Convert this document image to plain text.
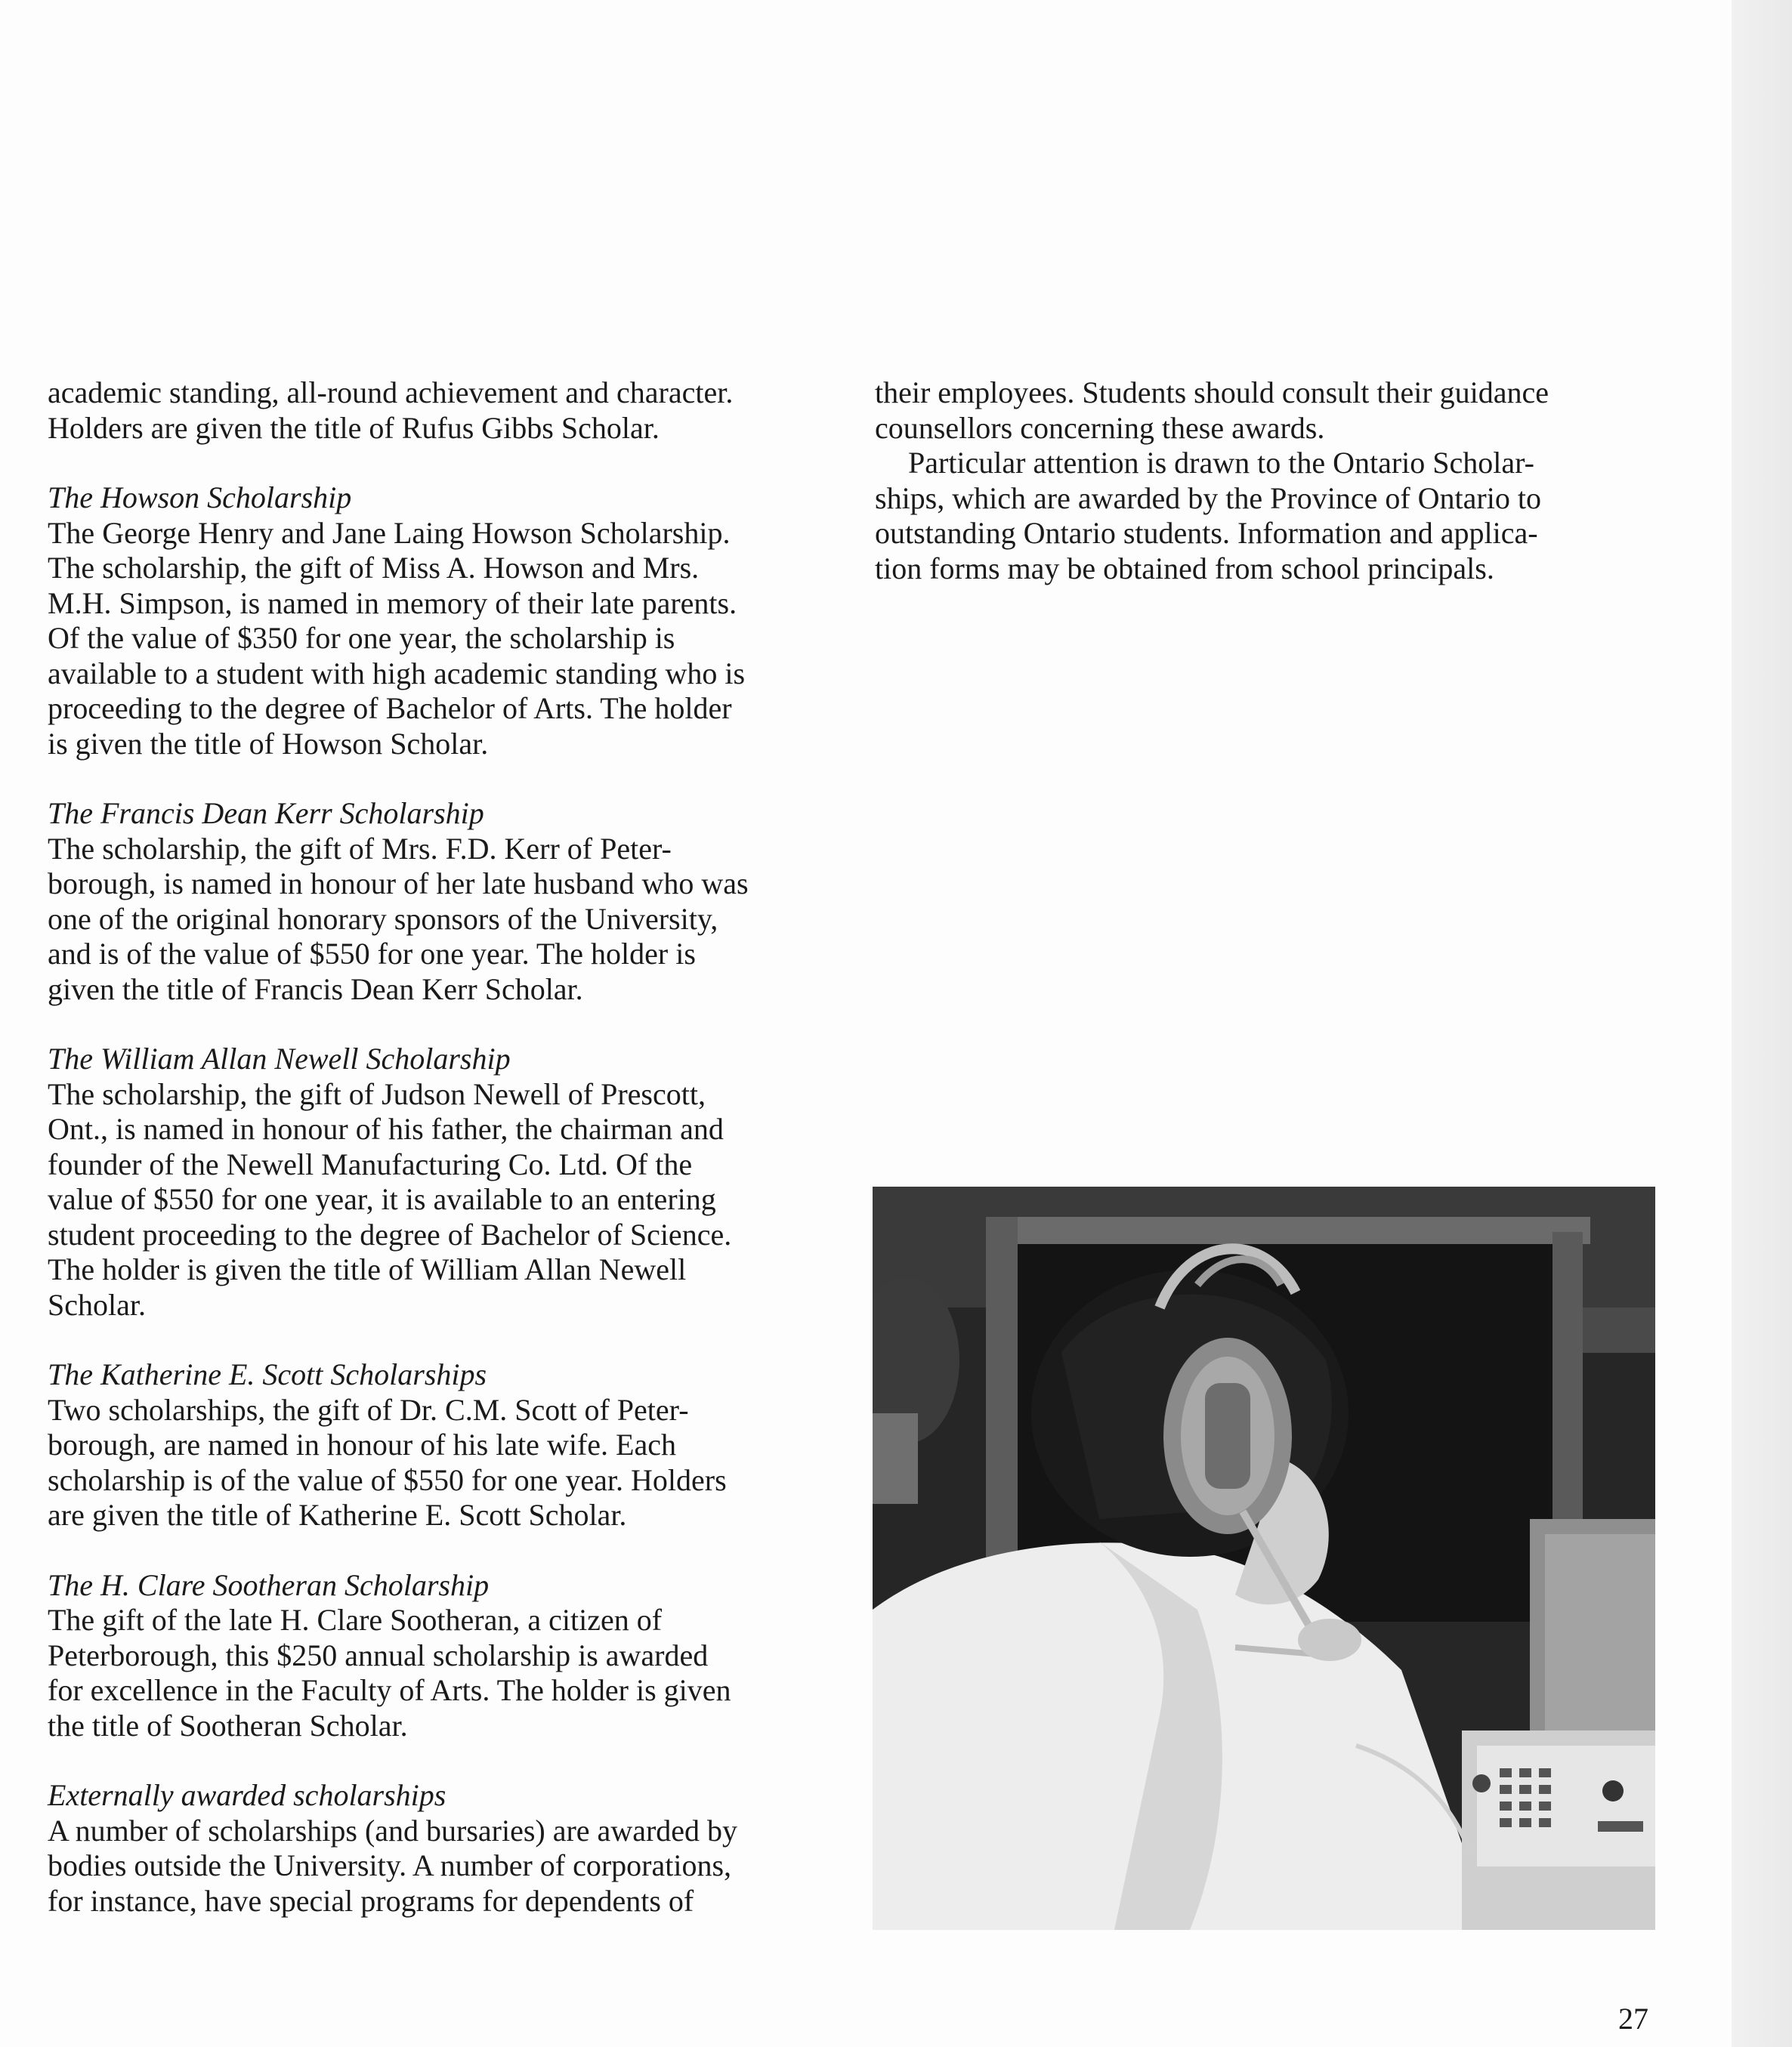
academic standing, all-round achievement and character.
Holders are given the title of Rufus Gibbs Scholar.

The Howson Scholarship

The George Henry and Jane Laing Howson Scholarship.
The scholarship, the gift of Miss A. Howson and Mrs.
M.H. Simpson, is named in memory of their late parents.
Of the value of $350 for one year, the scholarship is
available to a student with high academic standing who is
proceeding to the degree of Bachelor of Arts. The holder
is given the title of Howson Scholar.

The Francis Dean Kerr Scholarship

The scholarship, the gift of Mrs. F.D. Kerr of Peter-
borough, is named in honour of her late husband who was
one of the original honorary sponsors of the University,
and is of the value of $550 for one year. The holder is
given the title of Francis Dean Kerr Scholar.

The William Allan Newell Scholarship

The scholarship, the gift of Judson Newell of Prescott,
Ont., is named in honour of his father, the chairman and
founder of the Newell Manufacturing Co. Ltd. Of the
value of $550 for one year, it is available to an entering
student proceeding to the degree of Bachelor of Science.
The holder is given the title of William Allan Newell
Scholar.

The Katherine E. Scott Scholarships

Two scholarships, the gift of Dr. C.M. Scott of Peter-
borough, are named in honour of his late wife. Each
scholarship is of the value of $550 for one year. Holders
are given the title of Katherine E. Scott Scholar.

The H. Clare Sootheran Scholarship

The gift of the late H. Clare Sootheran, a citizen of
Peterborough, this $250 annual scholarship is awarded
for excellence in the Faculty of Arts. The holder is given
the title of Sootheran Scholar.

Externally awarded scholarships

A number of scholarships (and bursaries) are awarded by
bodies outside the University. A number of corporations,
for instance, have special programs for dependents of

their employees. Students should consult their guidance
counsellors concerning these awards.

Particular attention is drawn to the Ontario Scholar-
ships, which are awarded by the Province of Ontario to
outstanding Ontario students. Information and applica-
tion forms may be obtained from school principals.

27
